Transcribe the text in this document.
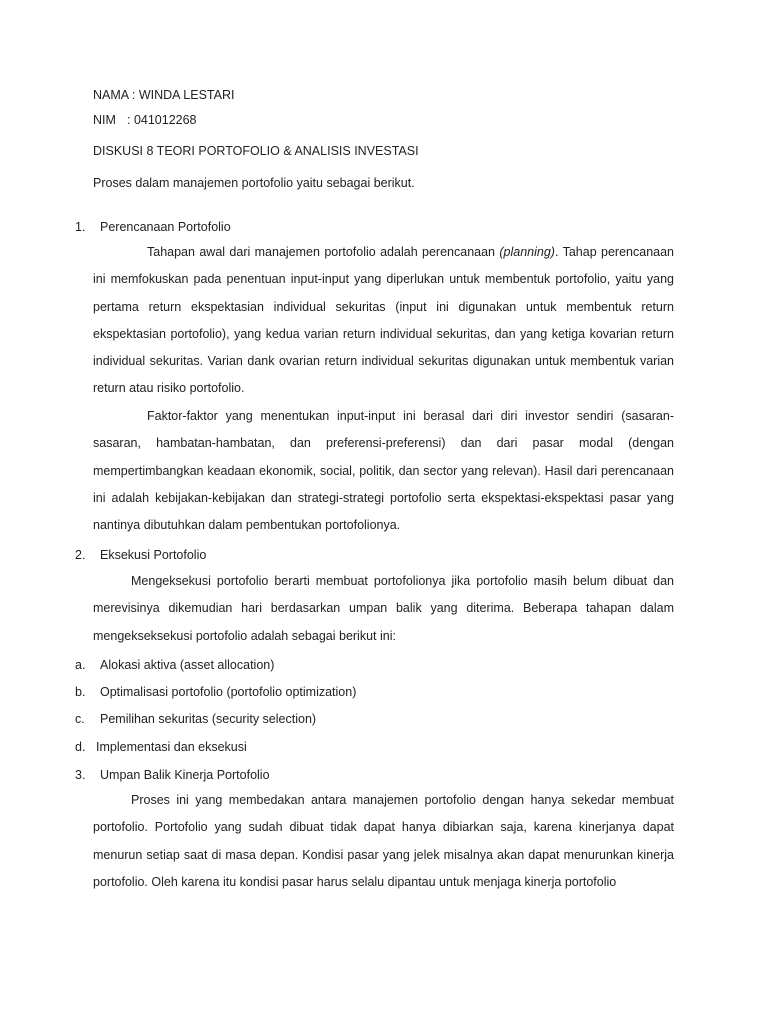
NAMA : WINDA LESTARI
NIM : 041012268
DISKUSI 8 TEORI PORTOFOLIO & ANALISIS INVESTASI
Proses dalam manajemen portofolio yaitu sebagai berikut.
1. Perencanaan Portofolio

Tahapan awal dari manajemen portofolio adalah perencanaan (planning). Tahap perencanaan ini memfokuskan pada penentuan input-input yang diperlukan untuk membentuk portofolio, yaitu yang pertama return ekspektasian individual sekuritas (input ini digunakan untuk membentuk return ekspektasian portofolio), yang kedua varian return individual sekuritas, dan yang ketiga kovarian return individual sekuritas. Varian dank ovarian return individual sekuritas digunakan untuk membentuk varian return atau risiko portofolio.

Faktor-faktor yang menentukan input-input ini berasal dari diri investor sendiri (sasaran-sasaran, hambatan-hambatan, dan preferensi-preferensi) dan dari pasar modal (dengan mempertimbangkan keadaan ekonomik, social, politik, dan sector yang relevan). Hasil dari perencanaan ini adalah kebijakan-kebijakan dan strategi-strategi portofolio serta ekspektasi-ekspektasi pasar yang nantinya dibutuhkan dalam pembentukan portofolionya.

2. Eksekusi Portofolio

Mengeksekusi portofolio berarti membuat portofolionya jika portofolio masih belum dibuat dan merevisinya dikemudian hari berdasarkan umpan balik yang diterima. Beberapa tahapan dalam mengekseksekusi portofolio adalah sebagai berikut ini:

a. Alokasi aktiva (asset allocation)
b. Optimalisasi portofolio (portofolio optimization)
c. Pemilihan sekuritas (security selection)
d. Implementasi dan eksekusi
3. Umpan Balik Kinerja Portofolio

Proses ini yang membedakan antara manajemen portofolio dengan hanya sekedar membuat portofolio. Portofolio yang sudah dibuat tidak dapat hanya dibiarkan saja, karena kinerjanya dapat menurun setiap saat di masa depan. Kondisi pasar yang jelek misalnya akan dapat menurunkan kinerja portofolio. Oleh karena itu kondisi pasar harus selalu dipantau untuk menjaga kinerja portofolio
